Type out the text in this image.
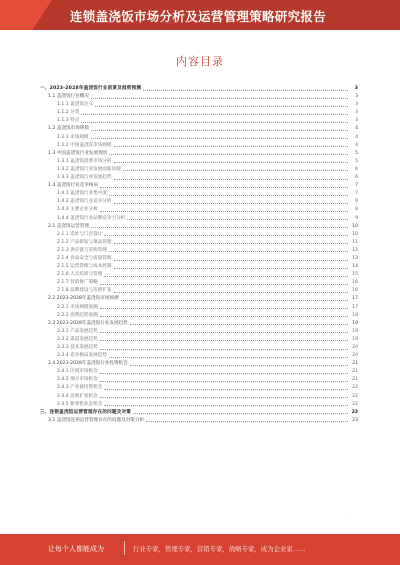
连锁盖浇饭市场分析及运营管理策略研究报告
内容目录
一、2023-2028年盖浇饭行业前景及趋势预测	3
1.1 盖浇饭行业概况	3
1.1.1 盖浇饭定义	3
1.1.2 分类	3
1.1.3 特点	3
1.2 盖浇饭市场规模	4
1.2.1 市场规模	4
1.2.2 中国盖浇饭市场规模	4
1.3 中国盖浇饭行业发展现状	5
1.3.1 盖浇饭消费市场分析	5
1.3.2 盖浇饭行业发展面临问题	6
1.3.3 盖浇饭行业发展趋势	6
1.4 盖浇饭行业竞争格局	7
1.4.1 盖浇饭行业集中度	7
1.4.2 盖浇饭行业竞争分析	8
1.4.3 主要企业分析	8
1.4.4 盖浇饭行业品牌竞争力分析	9
2.1 盖浇饭运营管理	10
2.1.1 选址与门店设计	10
2.1.2 产品研发与菜品管理	11
2.1.3 供应链与采购管理	12
2.1.4 食品安全与质量管理	13
2.1.5 运营管理与成本控制	14
2.1.6 人员培训与管理	15
2.1.7 营销推广策略	16
2.1.8 品牌建设与连锁扩张	16
2.2 2023-2028年盖浇饭市场预测	17
2.2.1 市场规模预测	17
2.2.2 消费趋势预测	18
2.3 2023-2028年盖浇饭行业发展趋势	19
2.3.1 产品发展趋势	19
2.3.2 渠道发展趋势	19
2.3.3 技术发展趋势	20
2.3.4 竞争格局发展趋势	20
2.4 2023-2028年盖浇饭行业投资机会	21
2.4.1 区域市场机会	21
2.4.2 细分市场机会	21
2.4.3 产业链投资机会	22
2.4.4 连锁扩张机会	22
2.4.5 新零售业态机会	22
三、连锁盖浇饭运营管理存在的问题及对策	23
3.1 盖浇饭连锁运营管理存在的问题及对策分析	23
·
让每个人都能成为	行业专家，管理专家，营销专家，战略专家，成为企业家……
